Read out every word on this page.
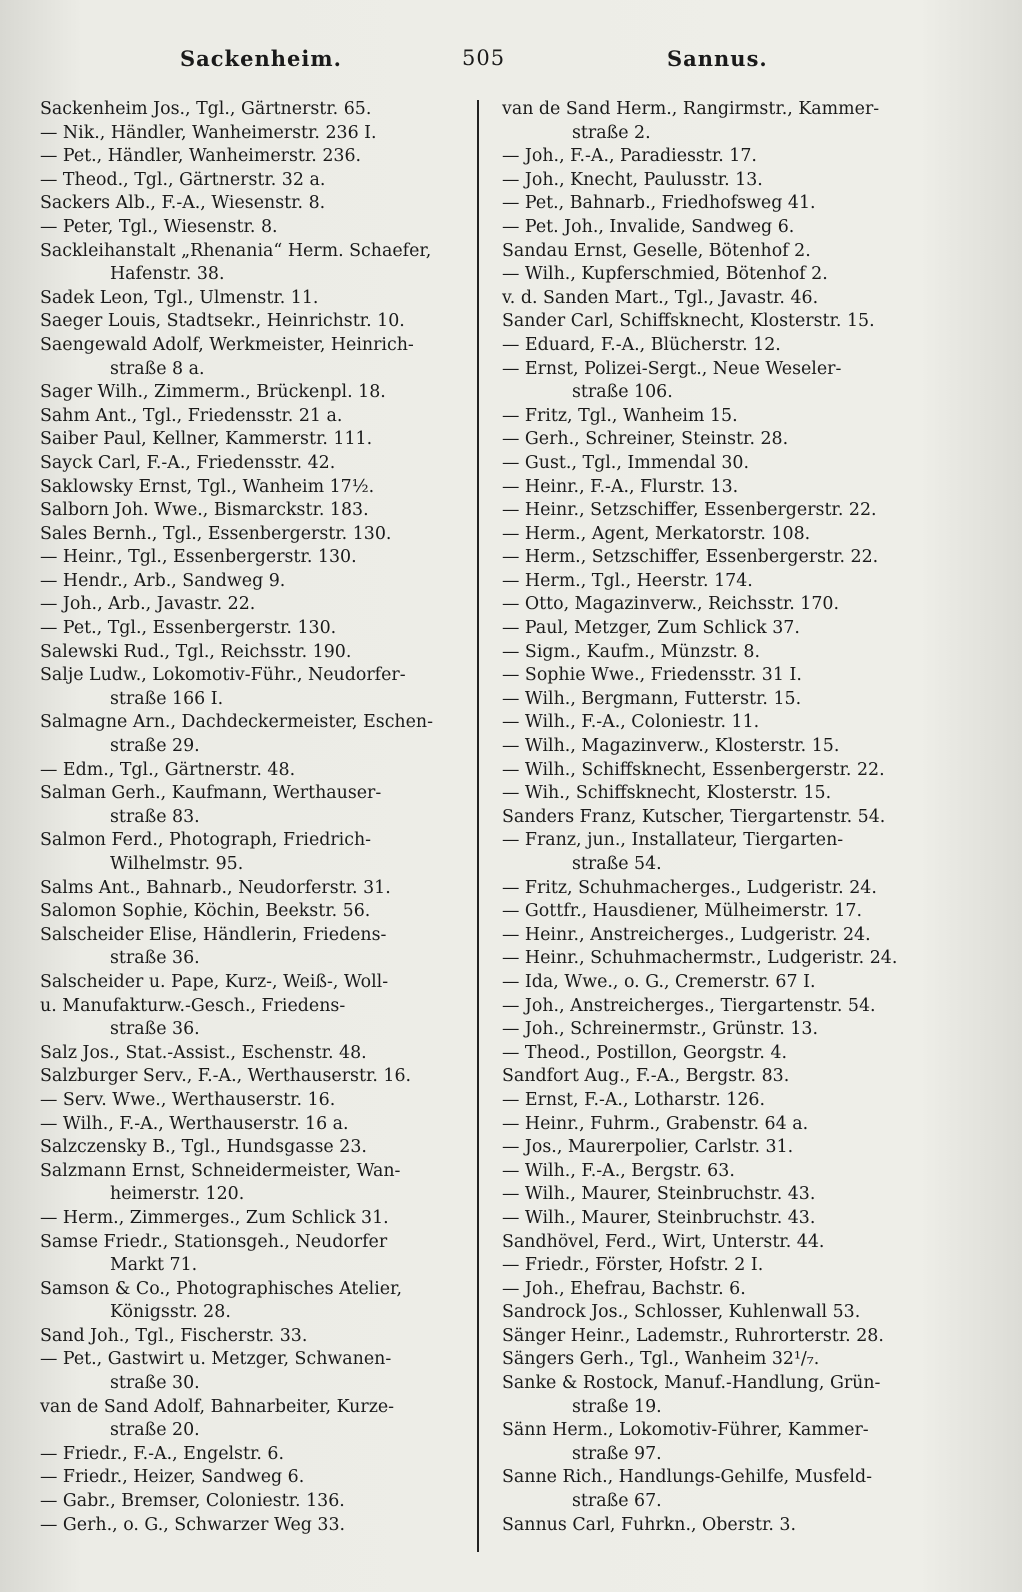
Sackenheim.	505	Sannus.
Sackenheim Jos., Tgl., Gärtnerstr. 65.
— Nik., Händler, Wanheimerstr. 236 I.
— Pet., Händler, Wanheimerstr. 236.
— Theod., Tgl., Gärtnerstr. 32 a.
Sackers Alb., F.-A., Wiesenstr. 8.
— Peter, Tgl., Wiesenstr. 8.
Sackleihanstalt „Rhenania“ Herm. Schaefer,
Hafenstr. 38.
Sadek Leon, Tgl., Ulmenstr. 11.
Saeger Louis, Stadtsekr., Heinrichstr. 10.
Saengewald Adolf, Werkmeister, Heinrich-
straße 8 a.
Sager Wilh., Zimmerm., Brückenpl. 18.
Sahm Ant., Tgl., Friedensstr. 21 a.
Saiber Paul, Kellner, Kammerstr. 111.
Sayck Carl, F.-A., Friedensstr. 42.
Saklowsky Ernst, Tgl., Wanheim 17½.
Salborn Joh. Wwe., Bismarckstr. 183.
Sales Bernh., Tgl., Essenbergerstr. 130.
— Heinr., Tgl., Essenbergerstr. 130.
— Hendr., Arb., Sandweg 9.
— Joh., Arb., Javastr. 22.
— Pet., Tgl., Essenbergerstr. 130.
Salewski Rud., Tgl., Reichsstr. 190.
Salje Ludw., Lokomotiv-Führ., Neudorfer-
straße 166 I.
Salmagne Arn., Dachdeckermeister, Eschen-
straße 29.
— Edm., Tgl., Gärtnerstr. 48.
Salman Gerh., Kaufmann, Werthauser-
straße 83.
Salmon Ferd., Photograph, Friedrich-
Wilhelmstr. 95.
Salms Ant., Bahnarb., Neudorferstr. 31.
Salomon Sophie, Köchin, Beekstr. 56.
Salscheider Elise, Händlerin, Friedens-
straße 36.
Salscheider u. Pape, Kurz-, Weiß-, Woll-
u. Manufakturw.-Gesch., Friedens-
straße 36.
Salz Jos., Stat.-Assist., Eschenstr. 48.
Salzburger Serv., F.-A., Werthauserstr. 16.
— Serv. Wwe., Werthauserstr. 16.
— Wilh., F.-A., Werthauserstr. 16 a.
Salzczensky B., Tgl., Hundsgasse 23.
Salzmann Ernst, Schneidermeister, Wan-
heimerstr. 120.
— Herm., Zimmerges., Zum Schlick 31.
Samse Friedr., Stationsgeh., Neudorfer
Markt 71.
Samson & Co., Photographisches Atelier,
Königsstr. 28.
Sand Joh., Tgl., Fischerstr. 33.
— Pet., Gastwirt u. Metzger, Schwanen-
straße 30.
van de Sand Adolf, Bahnarbeiter, Kurze-
straße 20.
— Friedr., F.-A., Engelstr. 6.
— Friedr., Heizer, Sandweg 6.
— Gabr., Bremser, Coloniestr. 136.
— Gerh., o. G., Schwarzer Weg 33.
van de Sand Herm., Rangirmstr., Kammer-
straße 2.
— Joh., F.-A., Paradiesstr. 17.
— Joh., Knecht, Paulusstr. 13.
— Pet., Bahnarb., Friedhofsweg 41.
— Pet. Joh., Invalide, Sandweg 6.
Sandau Ernst, Geselle, Bötenhof 2.
— Wilh., Kupferschmied, Bötenhof 2.
v. d. Sanden Mart., Tgl., Javastr. 46.
Sander Carl, Schiffsknecht, Klosterstr. 15.
— Eduard, F.-A., Blücherstr. 12.
— Ernst, Polizei-Sergt., Neue Weseler-
straße 106.
— Fritz, Tgl., Wanheim 15.
— Gerh., Schreiner, Steinstr. 28.
— Gust., Tgl., Immendal 30.
— Heinr., F.-A., Flurstr. 13.
— Heinr., Setzschiffer, Essenbergerstr. 22.
— Herm., Agent, Merkatorstr. 108.
— Herm., Setzschiffer, Essenbergerstr. 22.
— Herm., Tgl., Heerstr. 174.
— Otto, Magazinverw., Reichsstr. 170.
— Paul, Metzger, Zum Schlick 37.
— Sigm., Kaufm., Münzstr. 8.
— Sophie Wwe., Friedensstr. 31 I.
— Wilh., Bergmann, Futterstr. 15.
— Wilh., F.-A., Coloniestr. 11.
— Wilh., Magazinverw., Klosterstr. 15.
— Wilh., Schiffsknecht, Essenbergerstr. 22.
— Wih., Schiffsknecht, Klosterstr. 15.
Sanders Franz, Kutscher, Tiergartenstr. 54.
— Franz, jun., Installateur, Tiergarten-
straße 54.
— Fritz, Schuhmacherges., Ludgeristr. 24.
— Gottfr., Hausdiener, Mülheimerstr. 17.
— Heinr., Anstreicherges., Ludgeristr. 24.
— Heinr., Schuhmachermstr., Ludgeristr. 24.
— Ida, Wwe., o. G., Cremerstr. 67 I.
— Joh., Anstreicherges., Tiergartenstr. 54.
— Joh., Schreinermstr., Grünstr. 13.
— Theod., Postillon, Georgstr. 4.
Sandfort Aug., F.-A., Bergstr. 83.
— Ernst, F.-A., Lotharstr. 126.
— Heinr., Fuhrm., Grabenstr. 64 a.
— Jos., Maurerpolier, Carlstr. 31.
— Wilh., F.-A., Bergstr. 63.
— Wilh., Maurer, Steinbruchstr. 43.
— Wilh., Maurer, Steinbruchstr. 43.
Sandhövel, Ferd., Wirt, Unterstr. 44.
— Friedr., Förster, Hofstr. 2 I.
— Joh., Ehefrau, Bachstr. 6.
Sandrock Jos., Schlosser, Kuhlenwall 53.
Sänger Heinr., Lademstr., Ruhrorterstr. 28.
Sängers Gerh., Tgl., Wanheim 32¹/₇.
Sanke & Rostock, Manuf.-Handlung, Grün-
straße 19.
Sänn Herm., Lokomotiv-Führer, Kammer-
straße 97.
Sanne Rich., Handlungs-Gehilfe, Musfeld-
straße 67.
Sannus Carl, Fuhrkn., Oberstr. 3.
